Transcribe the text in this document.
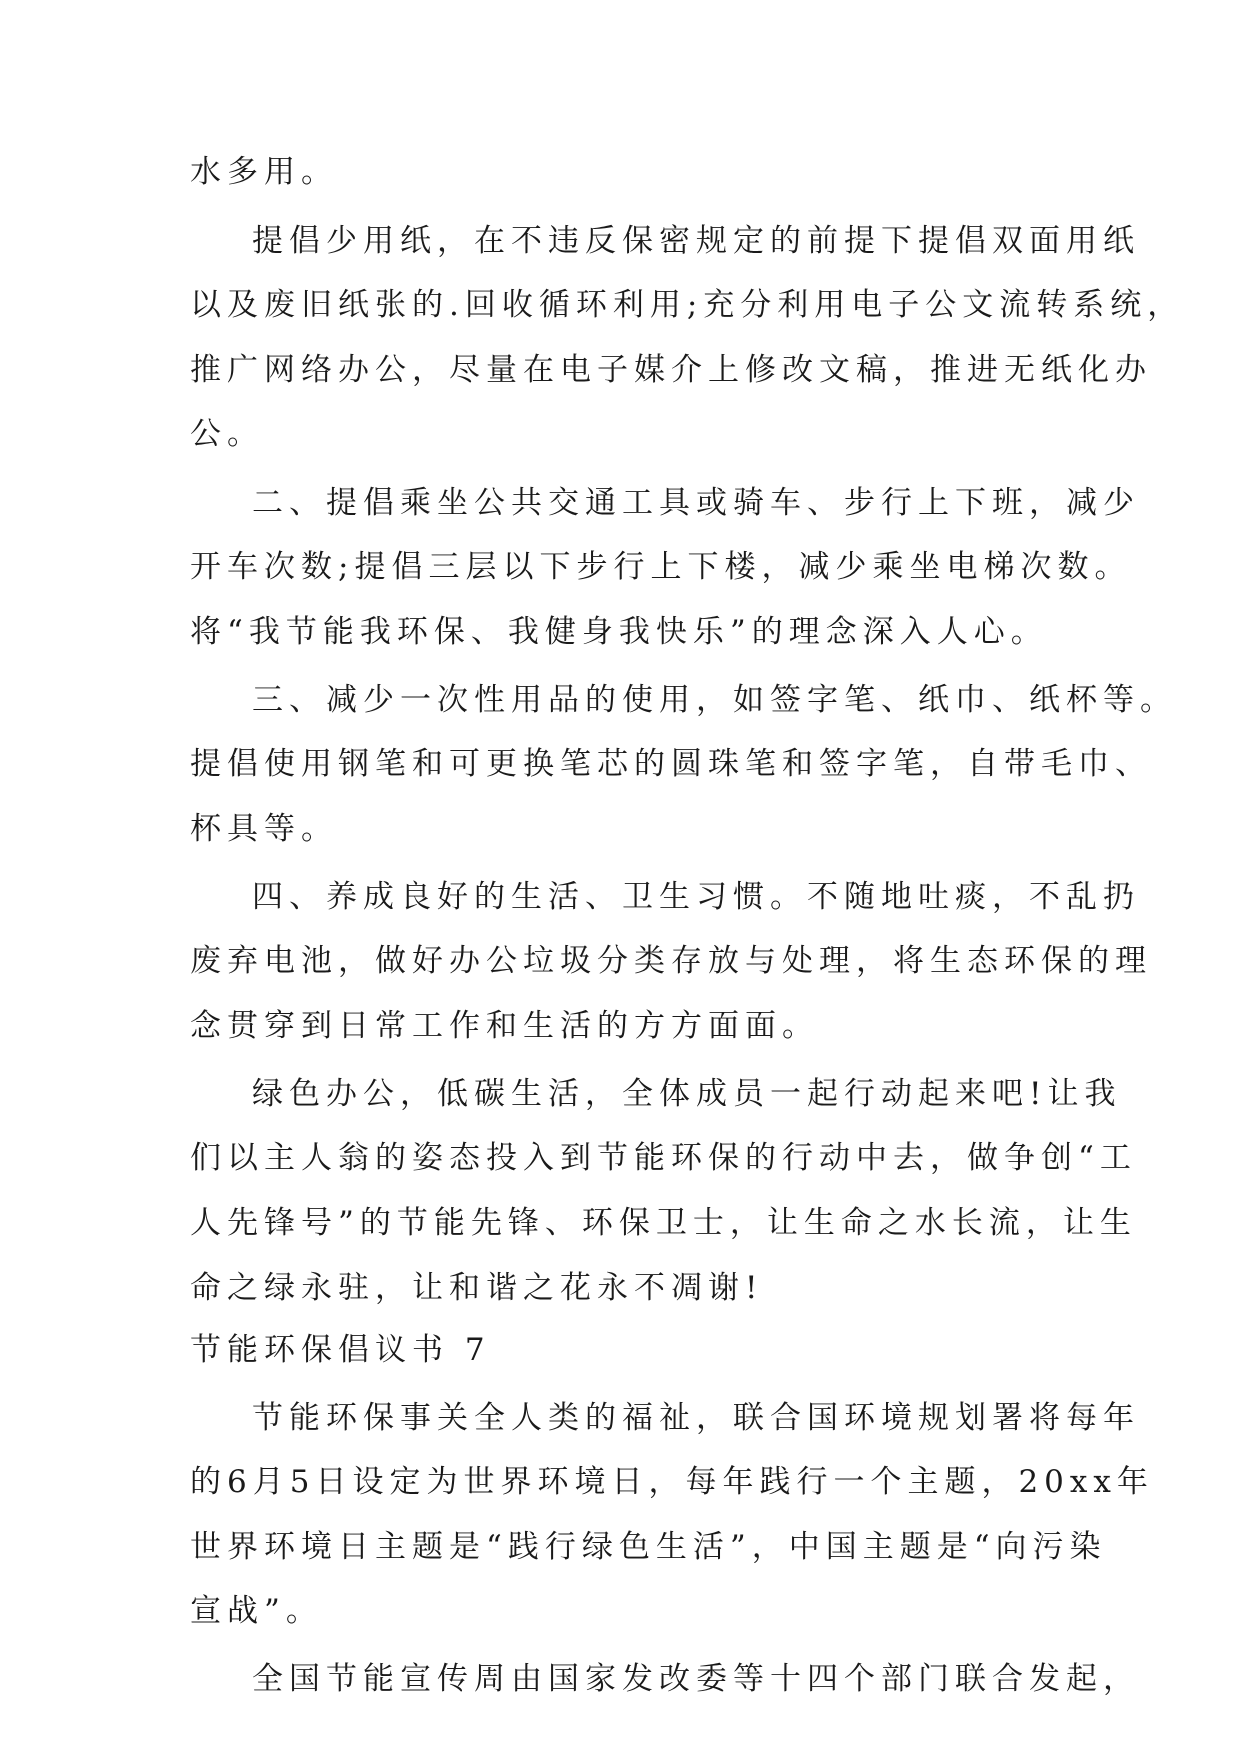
水多用。
提倡少用纸，在不违反保密规定的前提下提倡双面用纸
以及废旧纸张的.回收循环利用;充分利用电子公文流转系统，
推广网络办公，尽量在电子媒介上修改文稿，推进无纸化办
公。
二、提倡乘坐公共交通工具或骑车、步行上下班，减少
开车次数;提倡三层以下步行上下楼，减少乘坐电梯次数。
将“我节能我环保、我健身我快乐”的理念深入人心。
三、减少一次性用品的使用，如签字笔、纸巾、纸杯等。
提倡使用钢笔和可更换笔芯的圆珠笔和签字笔，自带毛巾、
杯具等。
四、养成良好的生活、卫生习惯。不随地吐痰，不乱扔
废弃电池，做好办公垃圾分类存放与处理，将生态环保的理
念贯穿到日常工作和生活的方方面面。
绿色办公，低碳生活，全体成员一起行动起来吧!让我
们以主人翁的姿态投入到节能环保的行动中去，做争创“工
人先锋号”的节能先锋、环保卫士，让生命之水长流，让生
命之绿永驻，让和谐之花永不凋谢!
节能环保倡议书 7
节能环保事关全人类的福祉，联合国环境规划署将每年
的6月5日设定为世界环境日，每年践行一个主题，20xx年
世界环境日主题是“践行绿色生活”，中国主题是“向污染
宣战”。
全国节能宣传周由国家发改委等十四个部门联合发起，
